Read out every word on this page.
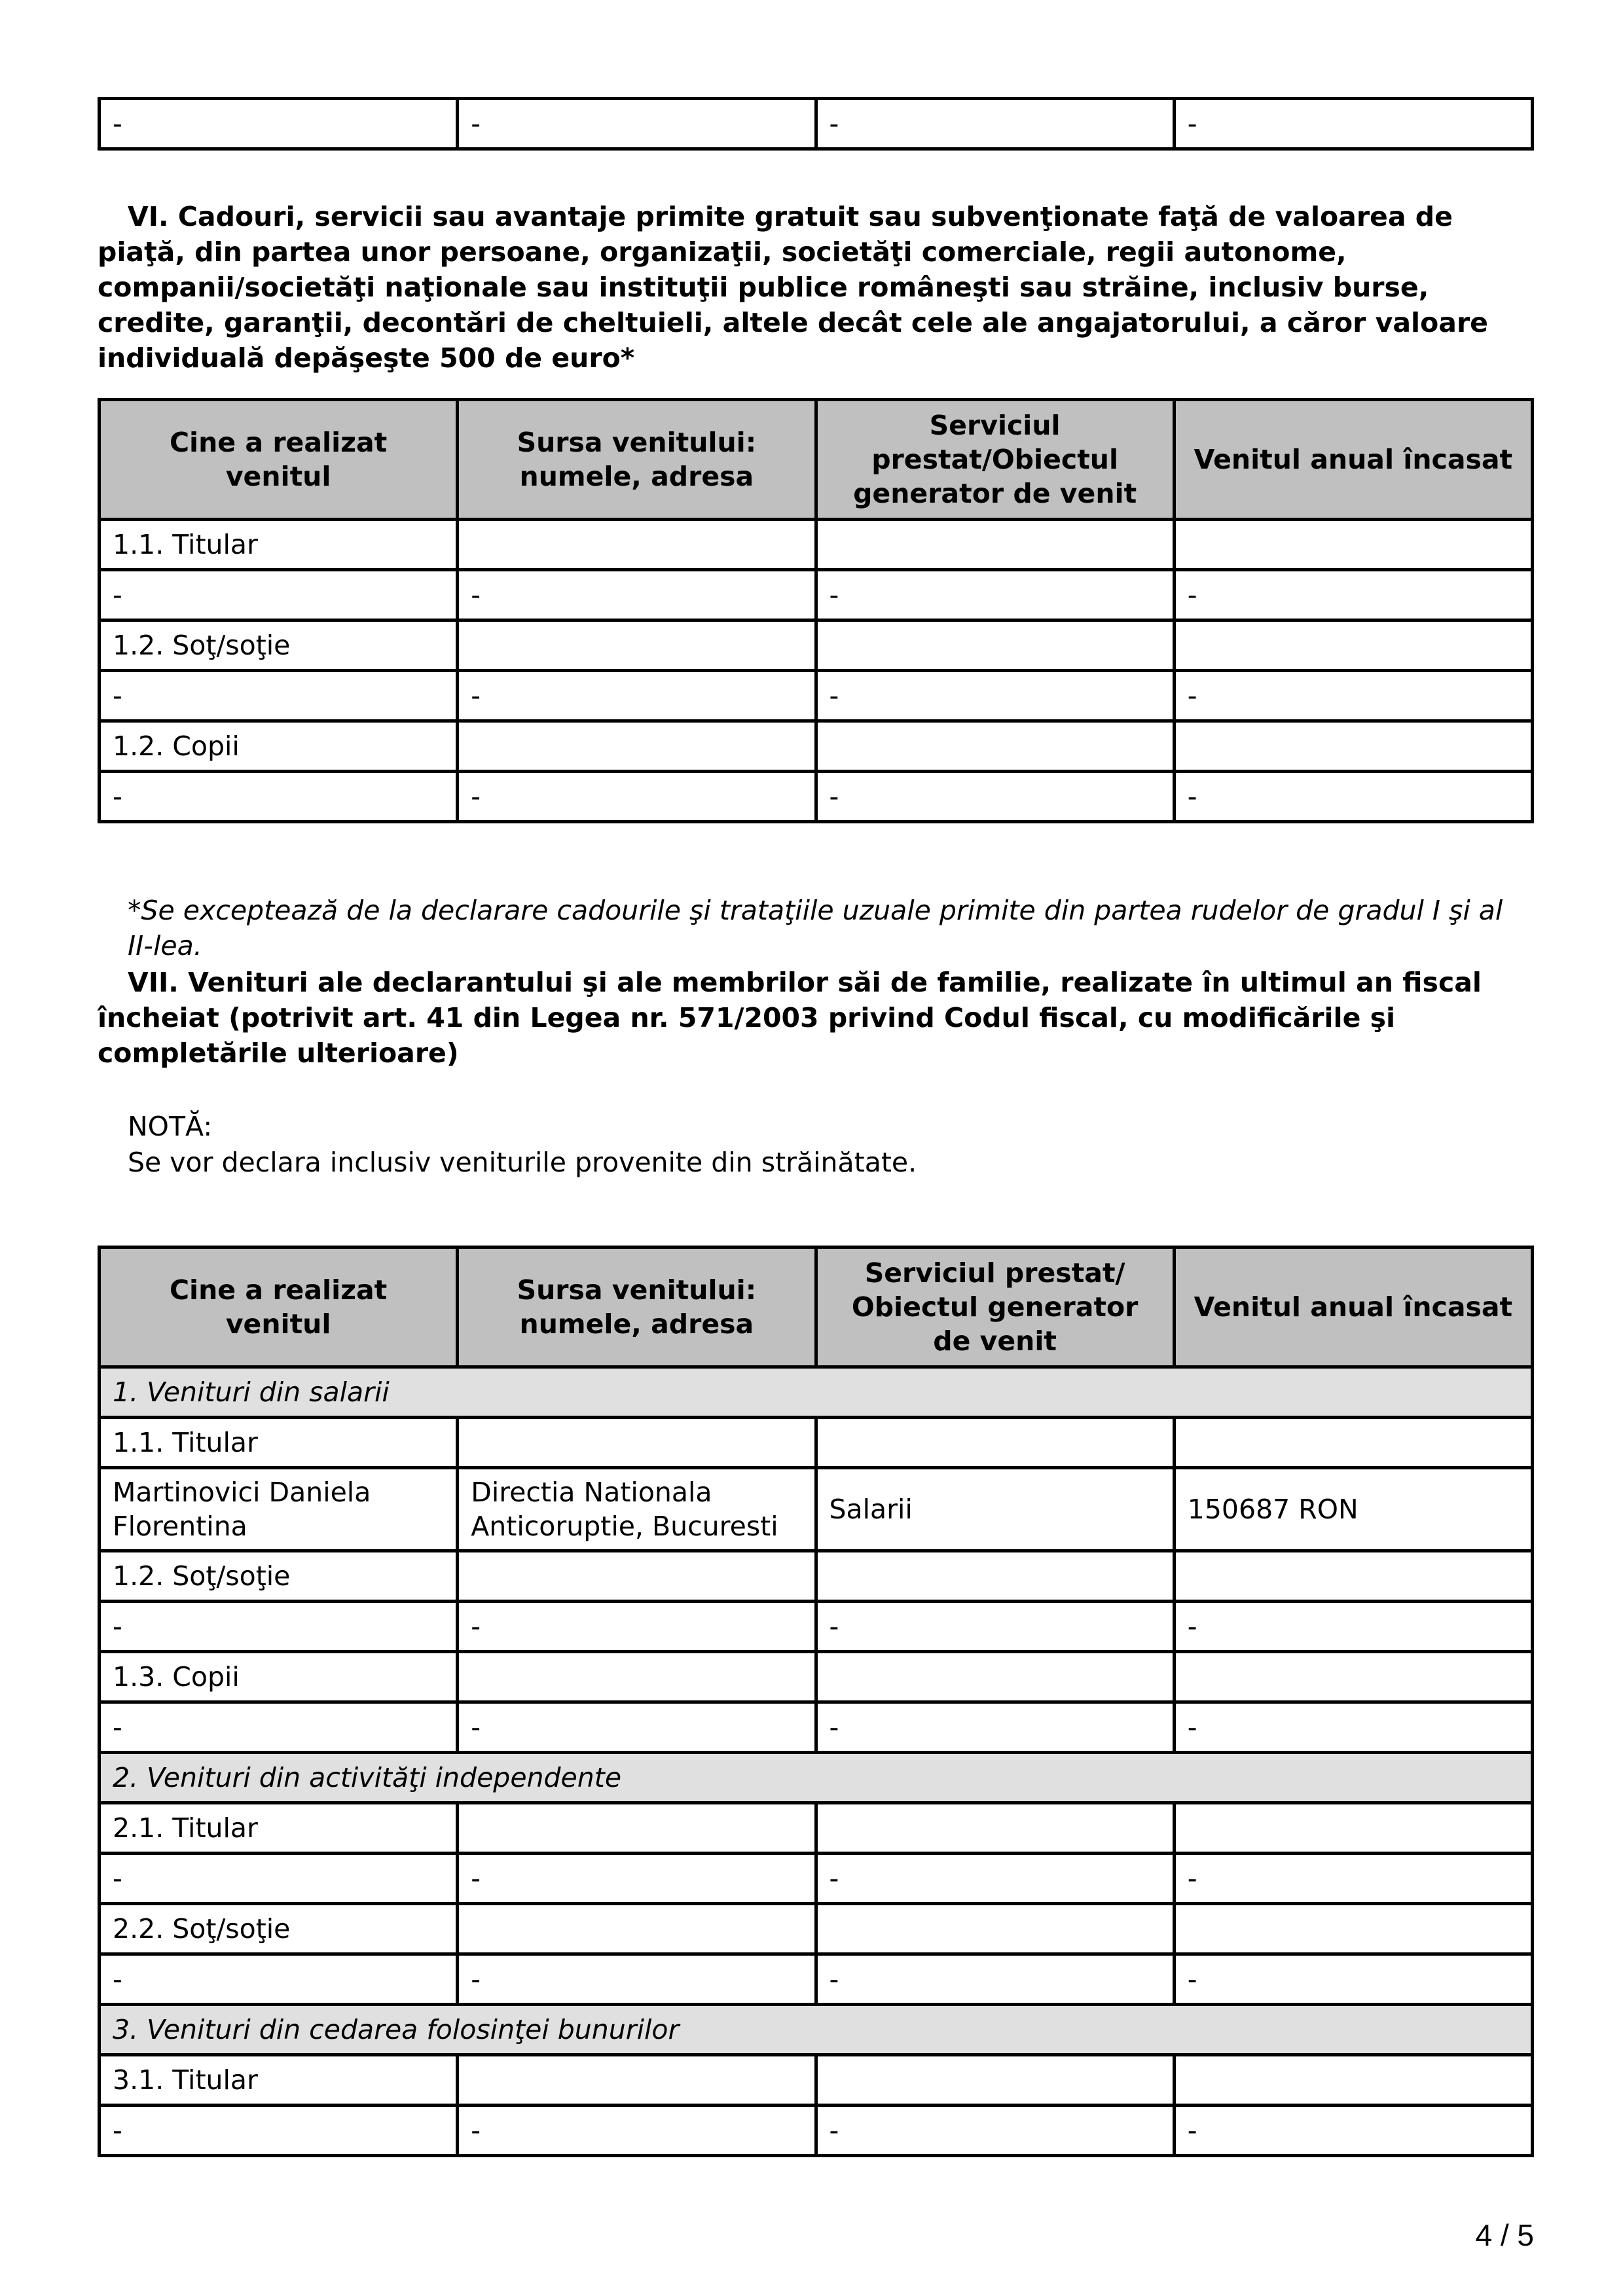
-	-	-	-

VI. Cadouri, servicii sau avantaje primite gratuit sau subvenţionate faţă de valoarea de piaţă, din partea unor persoane, organizaţii, societăţi comerciale, regii autonome, companii/societăţi naţionale sau instituţii publice româneşti sau străine, inclusiv burse, credite, garanţii, decontări de cheltuieli, altele decât cele ale angajatorului, a căror valoare individuală depăşeşte 500 de euro*

Cine a realizat venitul	Sursa venitului: numele, adresa	Serviciul prestat/Obiectul generator de venit	Venitul anual încasat
1.1. Titular			
-	-	-	-
1.2. Soţ/soţie			
-	-	-	-
1.2. Copii			
-	-	-	-

*Se exceptează de la declarare cadourile şi trataţiile uzuale primite din partea rudelor de gradul I şi al II-lea.

VII. Venituri ale declarantului şi ale membrilor săi de familie, realizate în ultimul an fiscal încheiat (potrivit art. 41 din Legea nr. 571/2003 privind Codul fiscal, cu modificările şi completările ulterioare)

NOTĂ:

Se vor declara inclusiv veniturile provenite din străinătate.

Cine a realizat venitul	Sursa venitului: numele, adresa	Serviciul prestat/ Obiectul generator de venit	Venitul anual încasat
1. Venituri din salarii			
1.1. Titular			
Martinovici Daniela Florentina	Directia Nationala Anticoruptie, Bucuresti	Salarii	150687 RON
1.2. Soţ/soţie			
-	-	-	-
1.3. Copii			
-	-	-	-
2. Venituri din activităţi independente			
2.1. Titular			
-	-	-	-
2.2. Soţ/soţie			
-	-	-	-
3. Venituri din cedarea folosinţei bunurilor			
3.1. Titular			
-	-	-	-
4 / 5
